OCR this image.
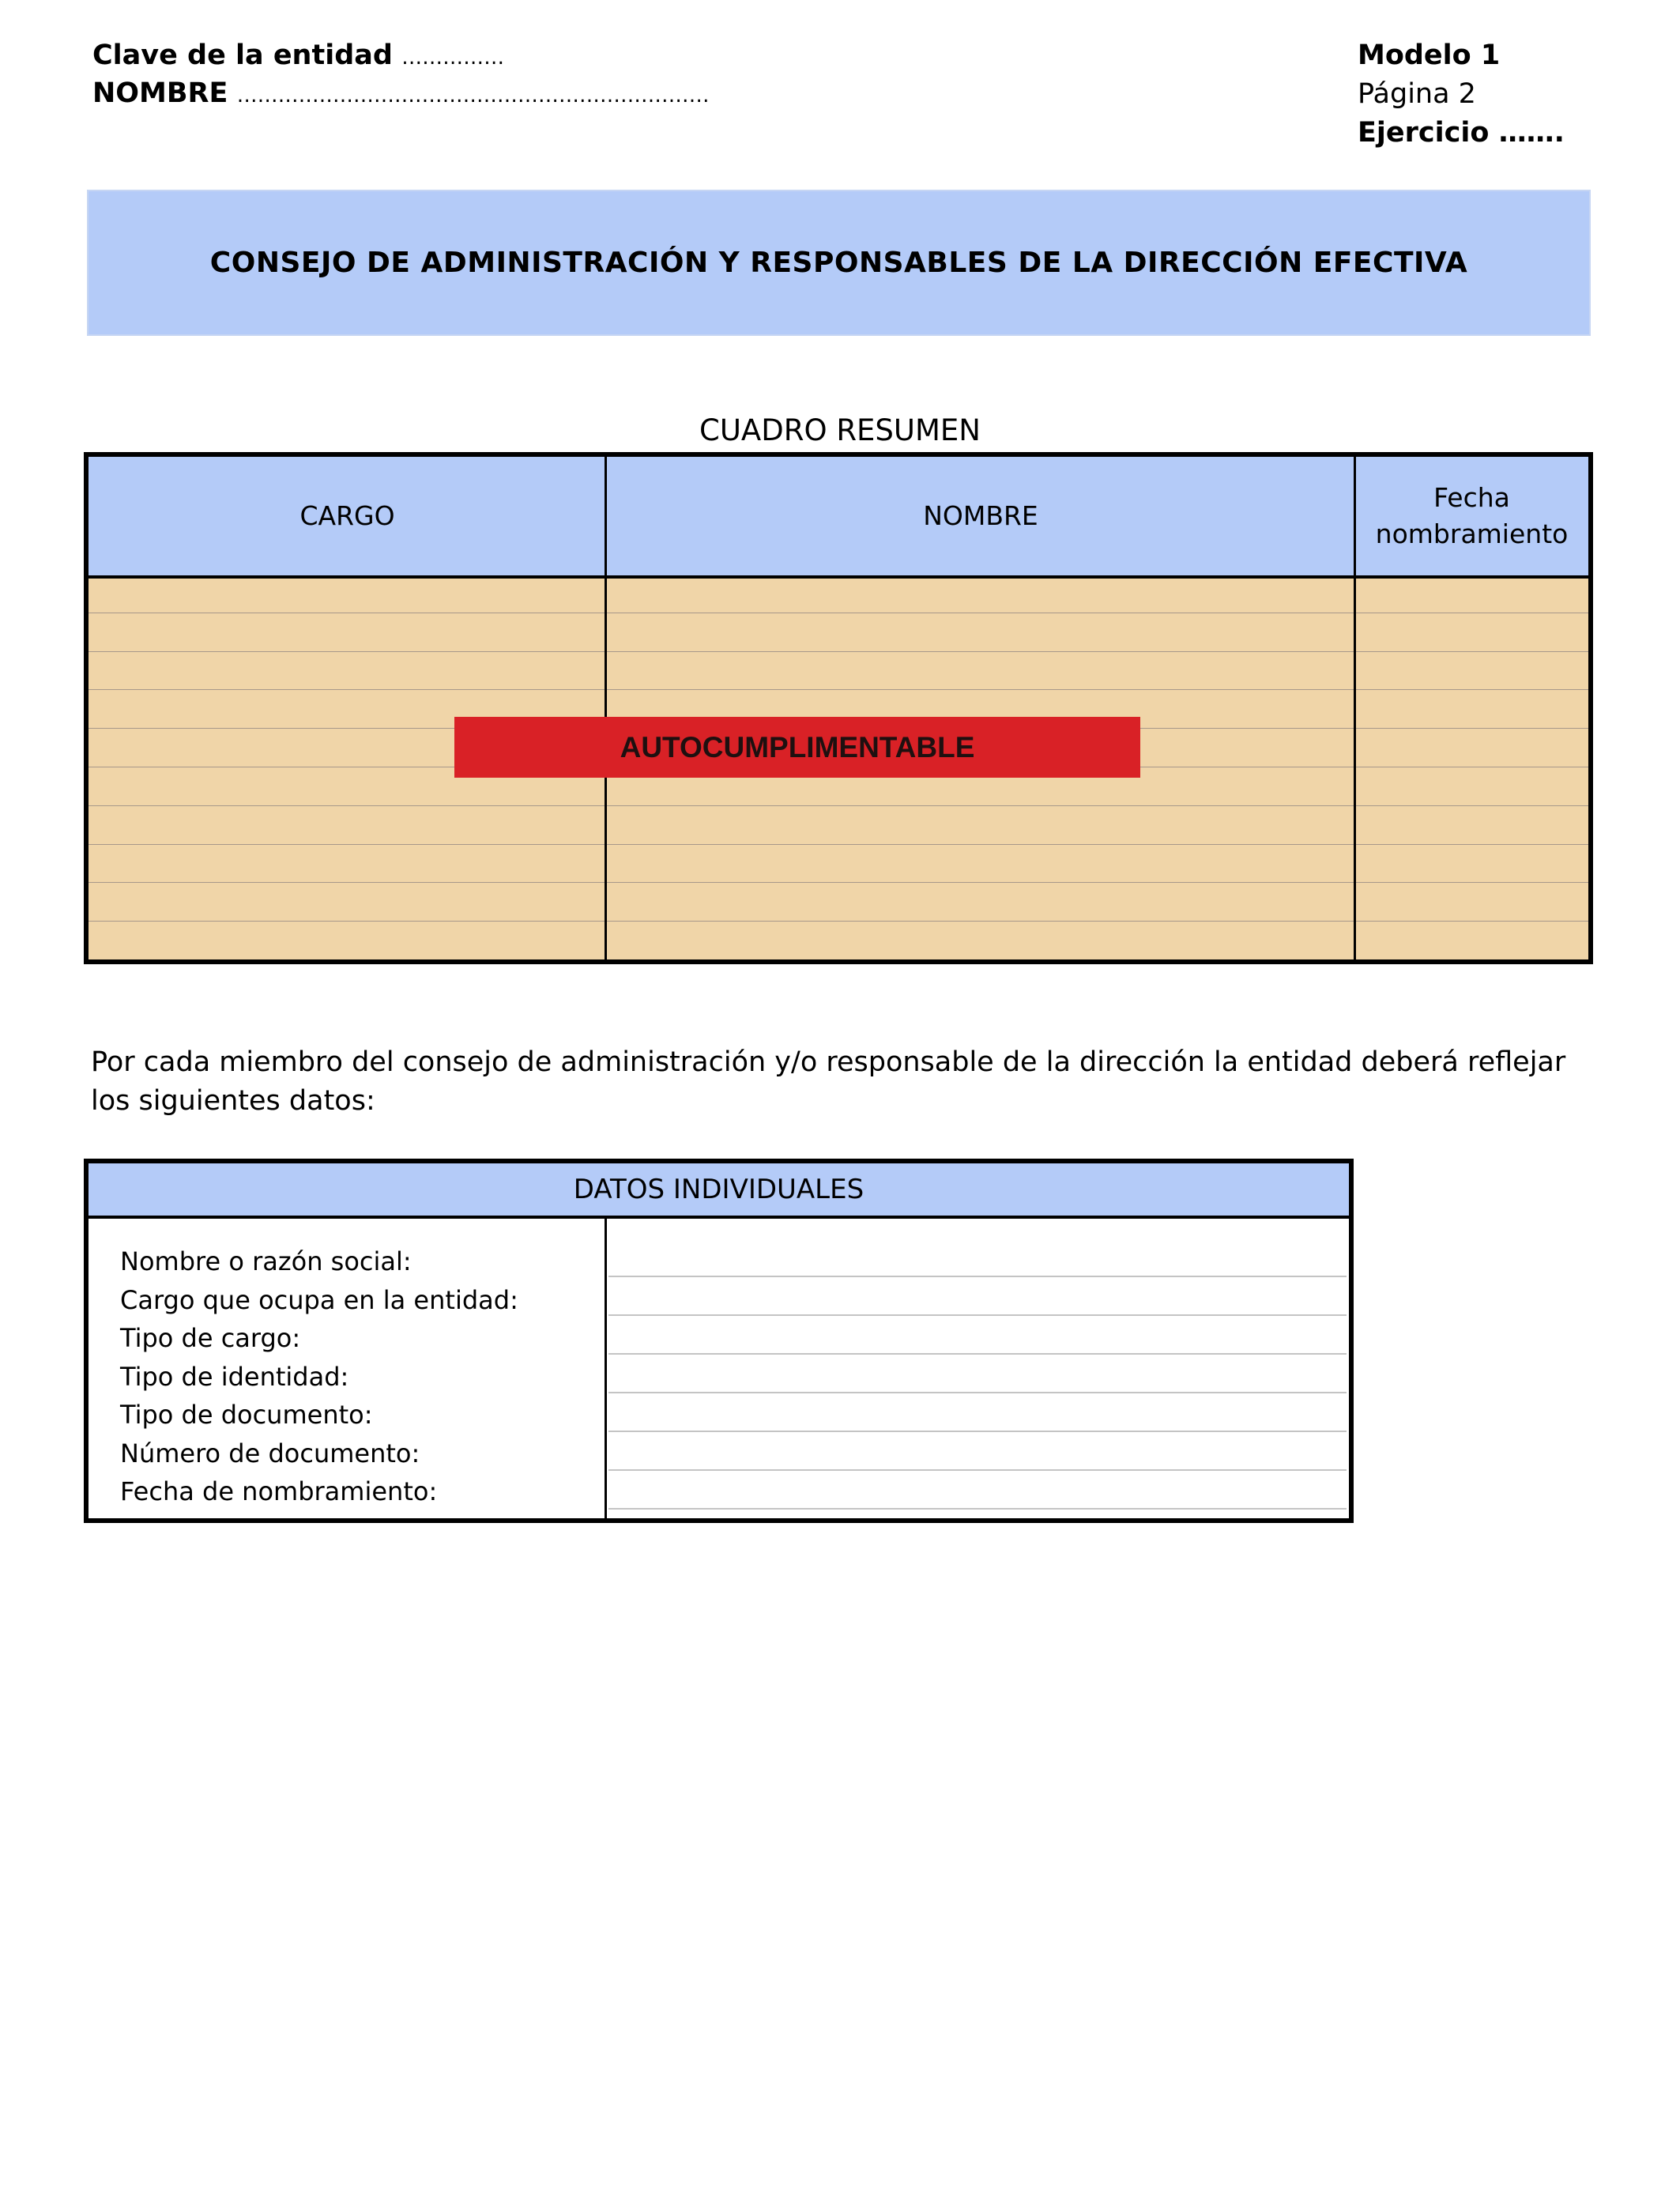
Clave de la entidad ……………
NOMBRE ……………………………………………………………
Modelo 1
Página 2
Ejercicio …….
CONSEJO DE ADMINISTRACIÓN Y RESPONSABLES DE LA DIRECCIÓN EFECTIVA
CUADRO RESUMEN
CARGO	NOMBRE
Fecha nombramiento
AUTOCUMPLIMENTABLE
Por cada miembro del consejo de administración y/o responsable de la dirección la entidad deberá reflejar los siguientes datos:
DATOS INDIVIDUALES
Nombre o razón social:
Cargo que ocupa en la entidad:
Tipo de cargo:
Tipo de identidad:
Tipo de documento:
Número de documento:
Fecha de nombramiento:
